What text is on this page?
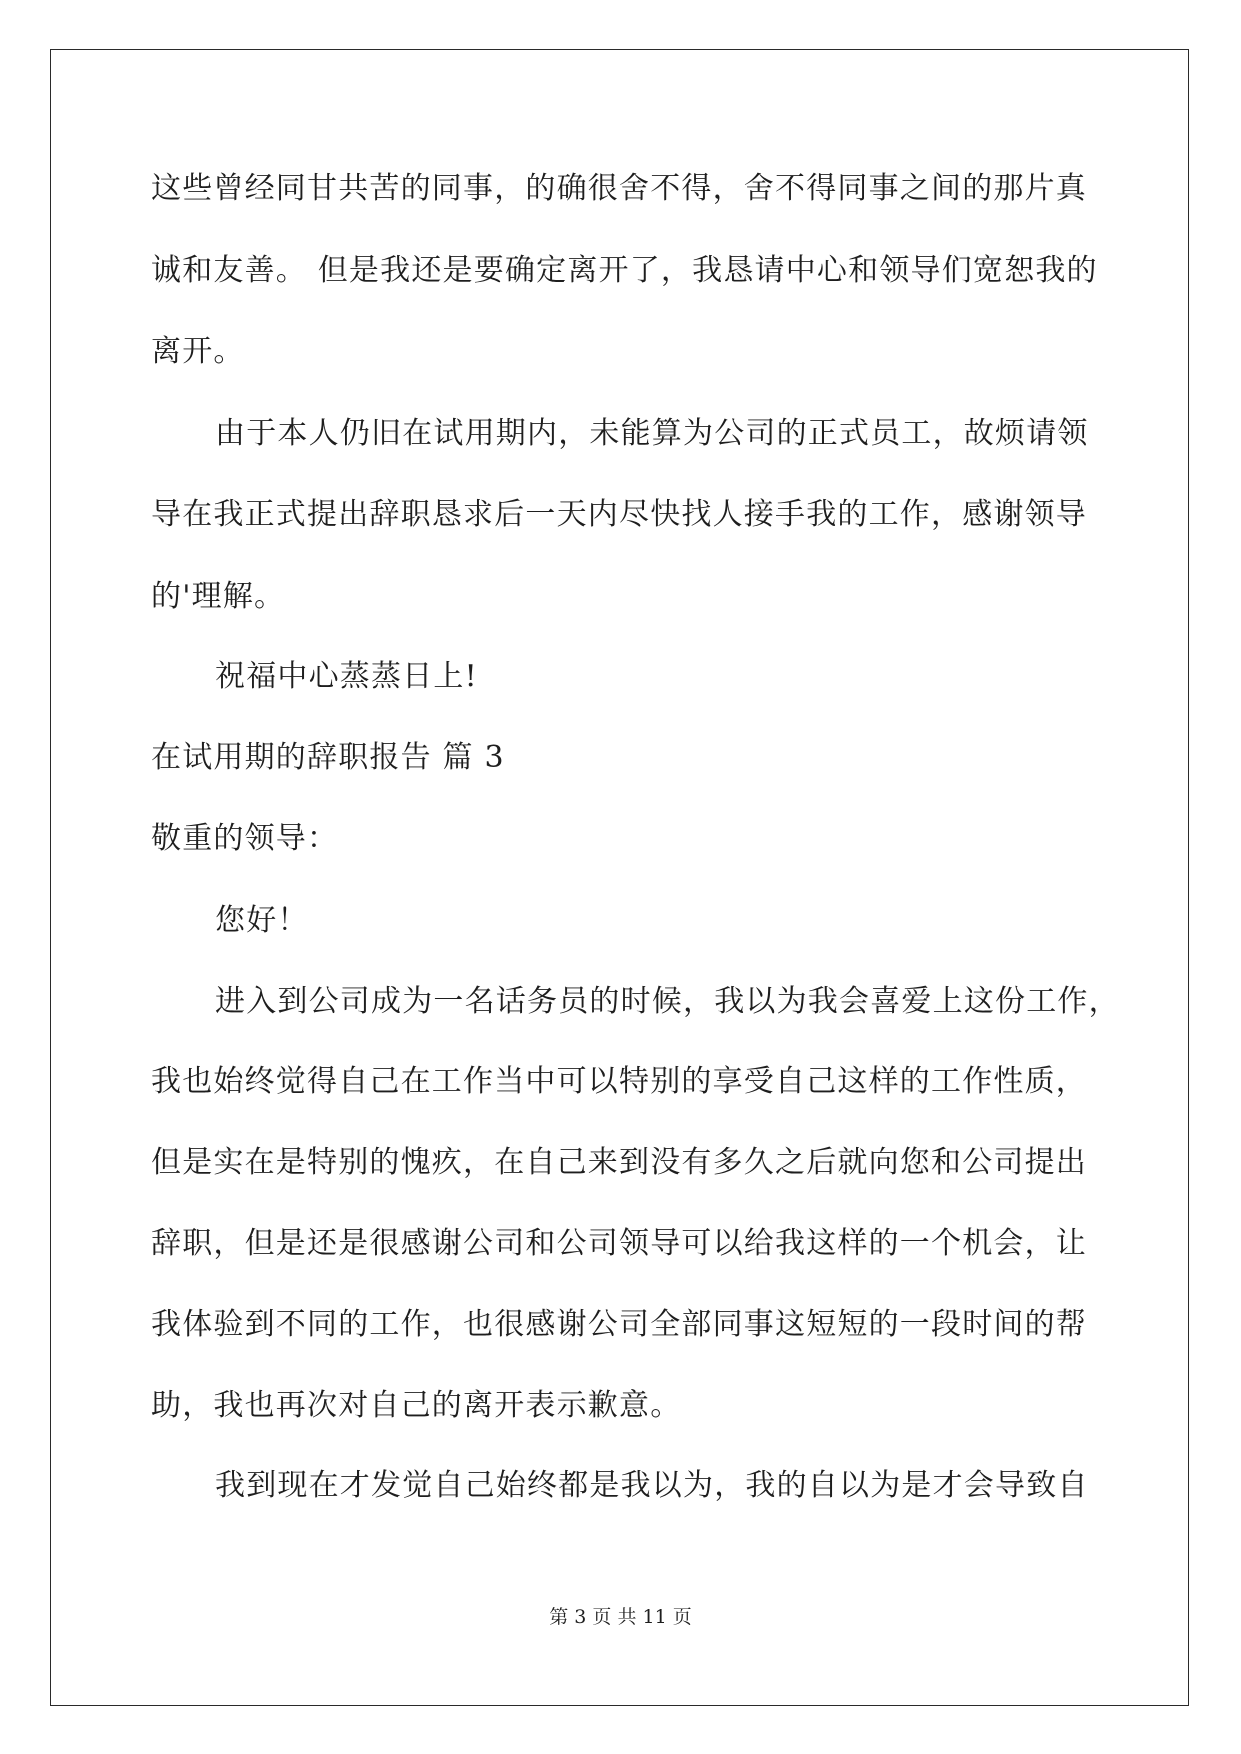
这些曾经同甘共苦的同事，的确很舍不得，舍不得同事之间的那片真
诚和友善。 但是我还是要确定离开了，我恳请中心和领导们宽恕我的
离开。
由于本人仍旧在试用期内，未能算为公司的正式员工，故烦请领
导在我正式提出辞职恳求后一天内尽快找人接手我的工作，感谢领导
的'理解。
祝福中心蒸蒸日上!
在试用期的辞职报告 篇 3
敬重的领导：
您好！
进入到公司成为一名话务员的时候，我以为我会喜爱上这份工作，
我也始终觉得自己在工作当中可以特别的享受自己这样的工作性质，
但是实在是特别的愧疚，在自己来到没有多久之后就向您和公司提出
辞职，但是还是很感谢公司和公司领导可以给我这样的一个机会，让
我体验到不同的工作，也很感谢公司全部同事这短短的一段时间的帮
助，我也再次对自己的离开表示歉意。
我到现在才发觉自己始终都是我以为，我的自以为是才会导致自
第 3 页 共 11 页
